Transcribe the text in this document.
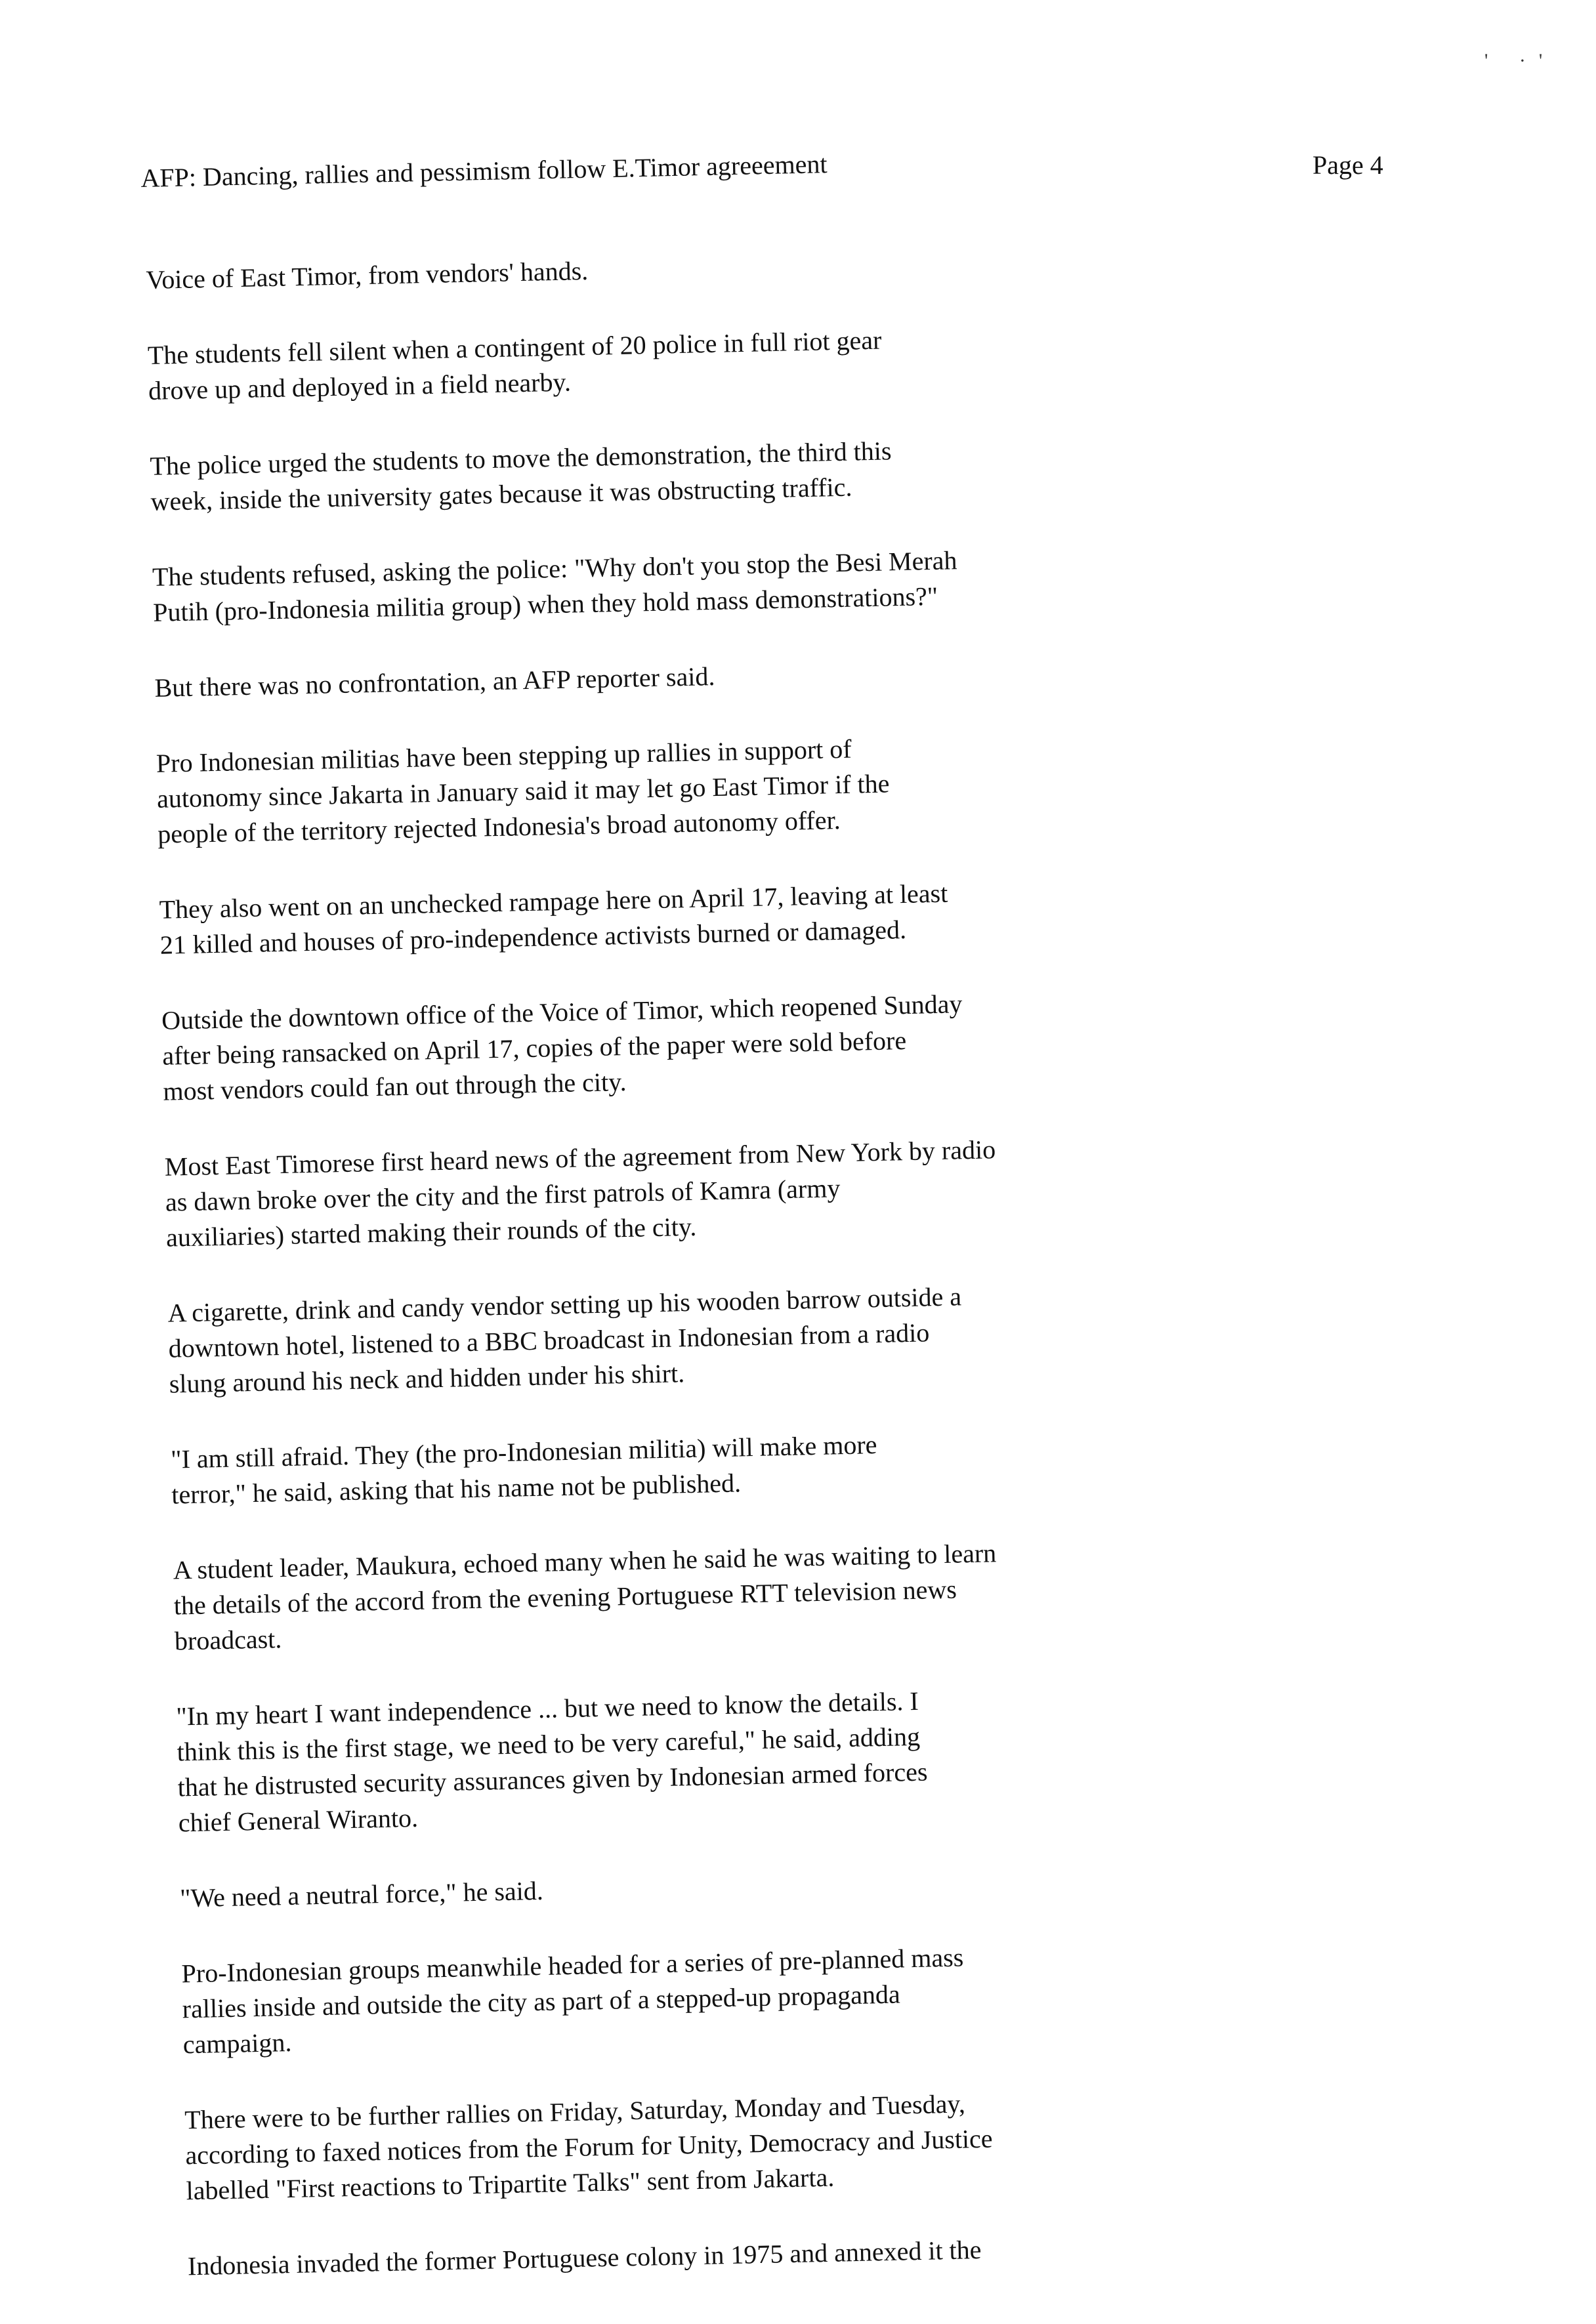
' ·'
Page 4
AFP: Dancing, rallies and pessimism follow E.Timor agreeement

Voice of East Timor, from vendors' hands.

The students fell silent when a contingent of 20 police in full riot gear
drove up and deployed in a field nearby.

The police urged the students to move the demonstration, the third this
week, inside the university gates because it was obstructing traffic.

The students refused, asking the police: "Why don't you stop the Besi Merah
Putih (pro-Indonesia militia group) when they hold mass demonstrations?"

But there was no confrontation, an AFP reporter said.

Pro Indonesian militias have been stepping up rallies in support of
autonomy since Jakarta in January said it may let go East Timor if the
people of the territory rejected Indonesia's broad autonomy offer.

They also went on an unchecked rampage here on April 17, leaving at least
21 killed and houses of pro-independence activists burned or damaged.

Outside the downtown office of the Voice of Timor, which reopened Sunday
after being ransacked on April 17, copies of the paper were sold before
most vendors could fan out through the city.

Most East Timorese first heard news of the agreement from New York by radio
as dawn broke over the city and the first patrols of Kamra (army
auxiliaries) started making their rounds of the city.

A cigarette, drink and candy vendor setting up his wooden barrow outside a
downtown hotel, listened to a BBC broadcast in Indonesian from a radio
slung around his neck and hidden under his shirt.

"I am still afraid. They (the pro-Indonesian militia) will make more
terror," he said, asking that his name not be published.

A student leader, Maukura, echoed many when he said he was waiting to learn
the details of the accord from the evening Portuguese RTT television news
broadcast.

"In my heart I want independence ... but we need to know the details. I
think this is the first stage, we need to be very careful," he said, adding
that he distrusted security assurances given by Indonesian armed forces
chief General Wiranto.

"We need a neutral force," he said.

Pro-Indonesian groups meanwhile headed for a series of pre-planned mass
rallies inside and outside the city as part of a stepped-up propaganda
campaign.

There were to be further rallies on Friday, Saturday, Monday and Tuesday,
according to faxed notices from the Forum for Unity, Democracy and Justice
labelled "First reactions to Tripartite Talks" sent from Jakarta.

Indonesia invaded the former Portuguese colony in 1975 and annexed it the
